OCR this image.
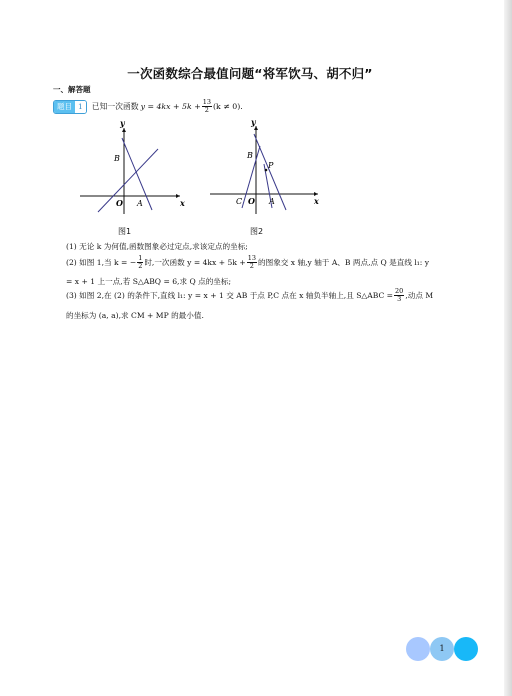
一次函数综合最值问题“将军饮马、胡不归”
一、解答题
题目 1	已知一次函数 $y = 4kx + 5k + \frac{13}{2} (k \ne 0)$.
y
x
O A
B
图1
y
x
O
C	A
B
P
图2
(1) 无论 k 为何值,函数图象必过定点,求该定点的坐标;
(2) 如图 1,当 k = − $\frac{1}{2}$ 时,一次函数 $y = 4kx + 5k + \frac{13}{2}$ 的图象交 x 轴,y 轴于 A、B 两点,点 Q 是直线 l₁: y
= x + 1 上一点,若 S△ABQ = 6,求 Q 点的坐标;
(3) 如图 2,在 (2) 的条件下,直线 l₁: y = x + 1 交 AB 于点 P,C 点在 x 轴负半轴上,且 S△ABC = $\frac{20}{3}$ ,动点 M
的坐标为 (a, a),求 CM + MP 的最小值.
1
